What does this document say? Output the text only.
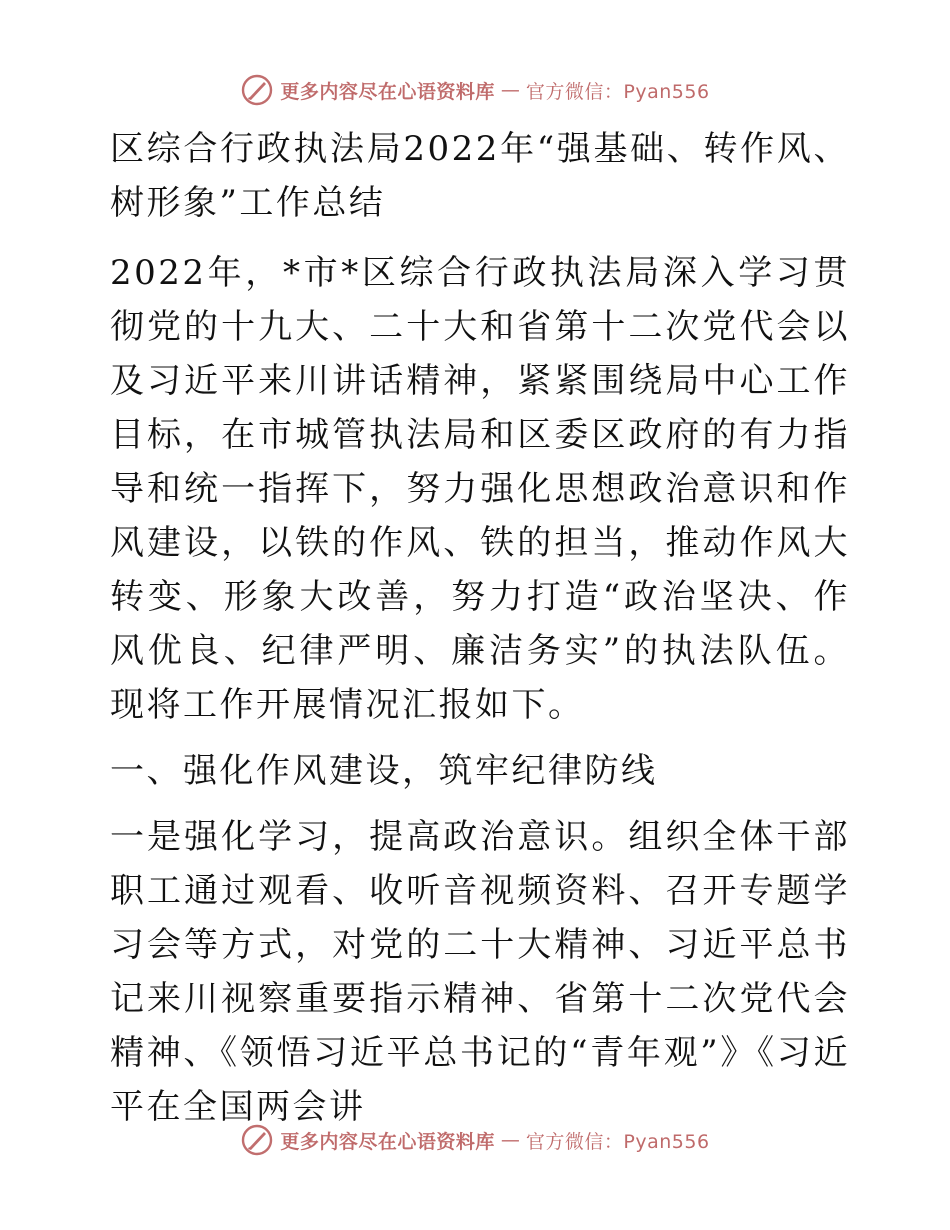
更多内容尽在心语资料库 — 官方微信：Pyan556

区综合行政执法局2022年“强基础、转作风、树形象”工作总结

2022年，*市*区综合行政执法局深入学习贯彻党的十九大、二十大和省第十二次党代会以及习近平来川讲话精神，紧紧围绕局中心工作目标，在市城管执法局和区委区政府的有力指导和统一指挥下，努力强化思想政治意识和作风建设，以铁的作风、铁的担当，推动作风大转变、形象大改善，努力打造“政治坚决、作风优良、纪律严明、廉洁务实”的执法队伍。现将工作开展情况汇报如下。

一、强化作风建设，筑牢纪律防线

一是强化学习，提高政治意识。组织全体干部职工通过观看、收听音视频资料、召开专题学习会等方式，对党的二十大精神、习近平总书记来川视察重要指示精神、省第十二次党代会精神、《领悟习近平总书记的“青年观”》《习近平在全国两会讲

更多内容尽在心语资料库 — 官方微信：Pyan556
